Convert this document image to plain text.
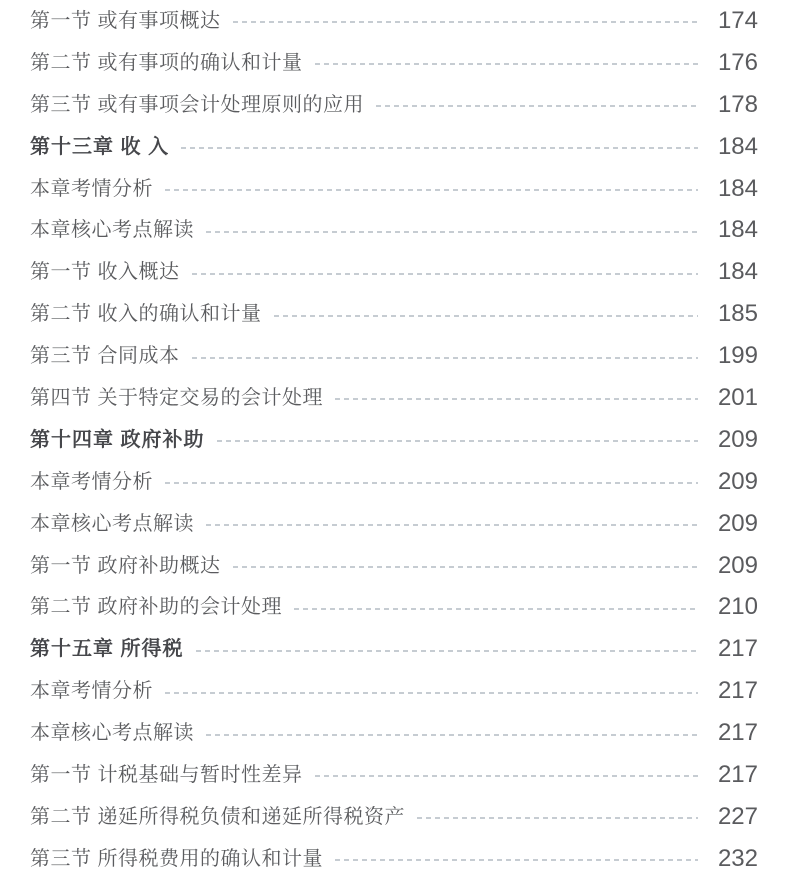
第一节 或有事项概达	174
第二节 或有事项的确认和计量	176
第三节 或有事项会计处理原则的应用	178
第十三章 收 入	184
本章考情分析	184
本章核心考点解读	184
第一节 收入概达	184
第二节 收入的确认和计量	185
第三节 合同成本	199
第四节 关于特定交易的会计处理	201
第十四章 政府补助	209
本章考情分析	209
本章核心考点解读	209
第一节 政府补助概达	209
第二节 政府补助的会计处理	210
第十五章 所得税	217
本章考情分析	217
本章核心考点解读	217
第一节 计税基础与暂时性差异	217
第二节 递延所得税负债和递延所得税资产	227
第三节 所得税费用的确认和计量	232
